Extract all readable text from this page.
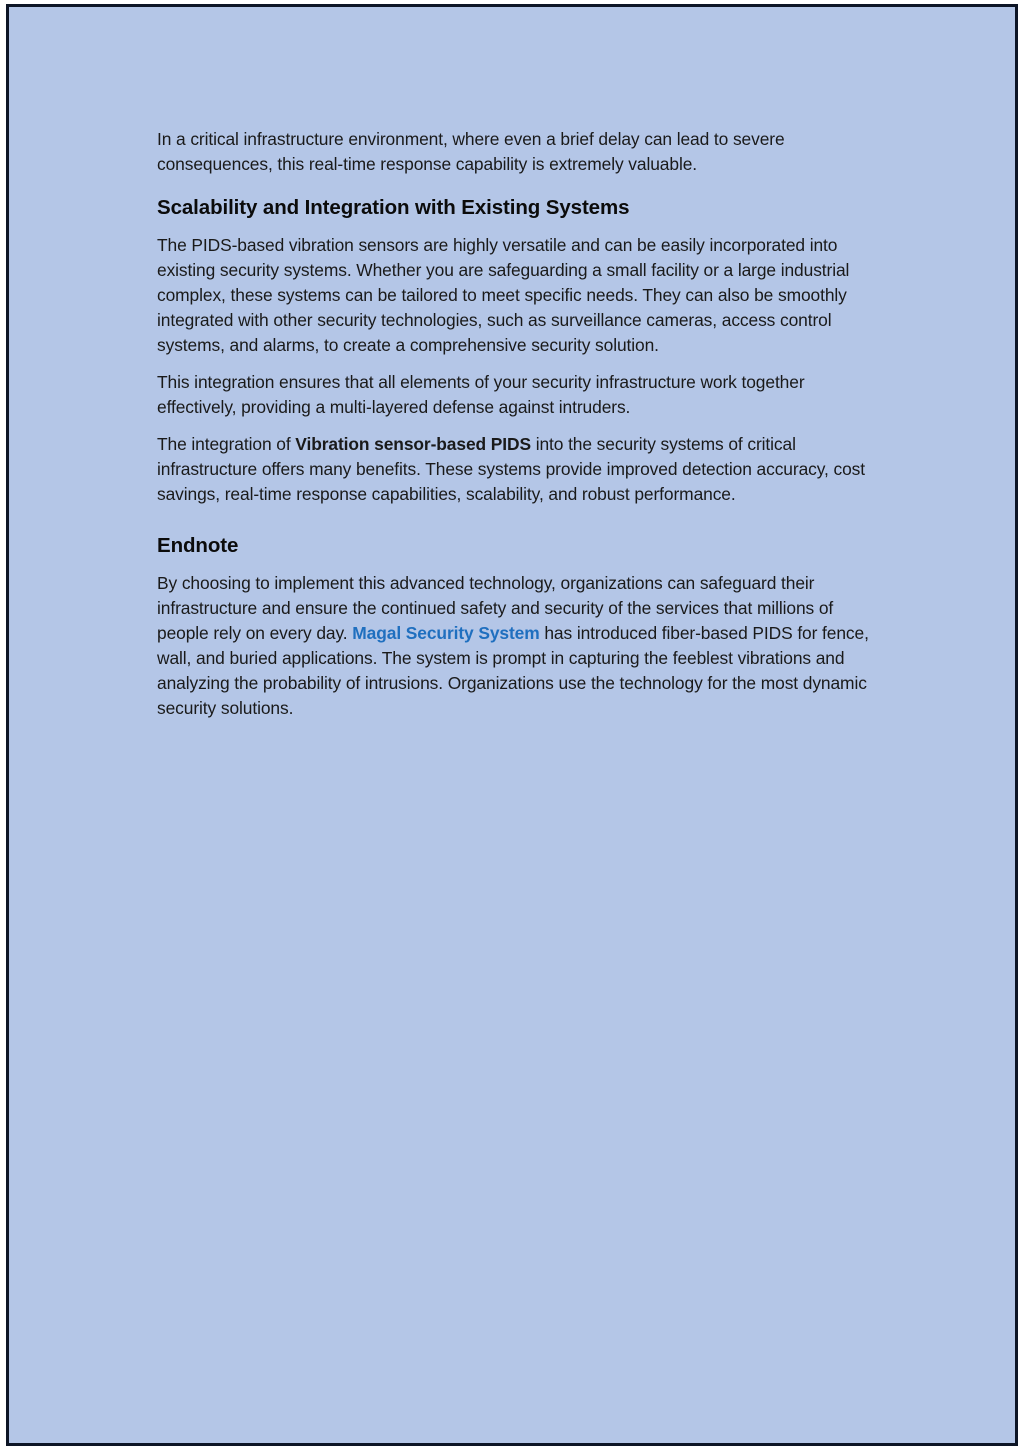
In a critical infrastructure environment, where even a brief delay can lead to severe consequences, this real-time response capability is extremely valuable.

Scalability and Integration with Existing Systems

The PIDS-based vibration sensors are highly versatile and can be easily incorporated into existing security systems. Whether you are safeguarding a small facility or a large industrial complex, these systems can be tailored to meet specific needs. They can also be smoothly integrated with other security technologies, such as surveillance cameras, access control systems, and alarms, to create a comprehensive security solution.

This integration ensures that all elements of your security infrastructure work together effectively, providing a multi-layered defense against intruders.

The integration of Vibration sensor-based PIDS into the security systems of critical infrastructure offers many benefits. These systems provide improved detection accuracy, cost savings, real-time response capabilities, scalability, and robust performance.

Endnote

By choosing to implement this advanced technology, organizations can safeguard their infrastructure and ensure the continued safety and security of the services that millions of people rely on every day. Magal Security System has introduced fiber-based PIDS for fence, wall, and buried applications. The system is prompt in capturing the feeblest vibrations and analyzing the probability of intrusions. Organizations use the technology for the most dynamic security solutions.
